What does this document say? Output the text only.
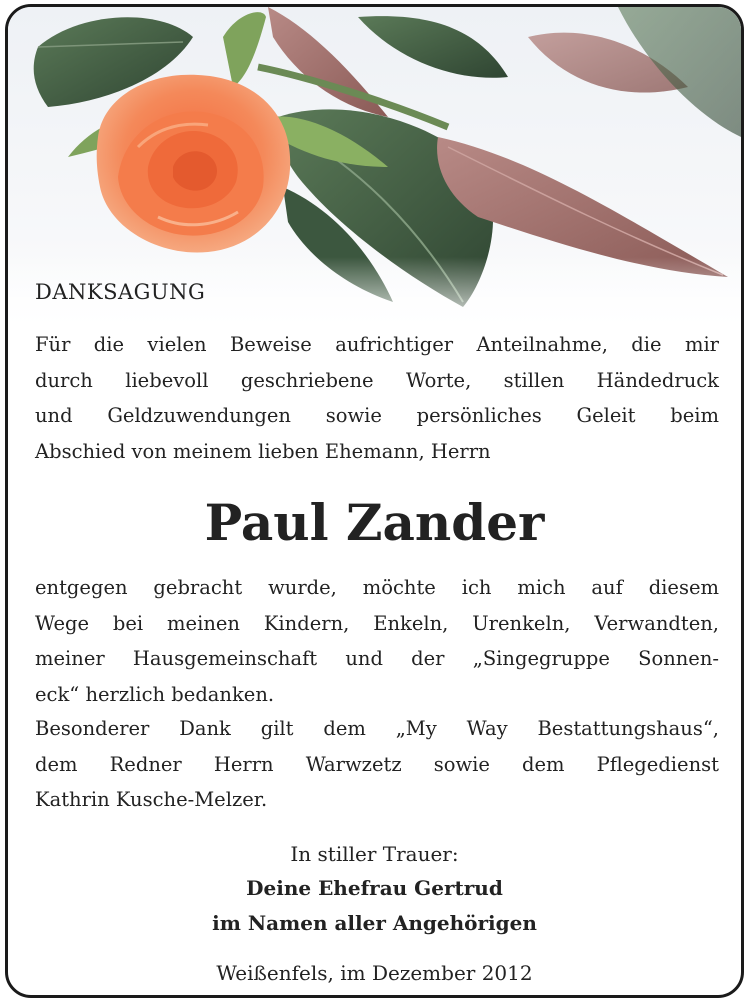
DANKSAGUNG
Für die vielen Beweise aufrichtiger Anteilnahme, die mir
durch liebevoll geschriebene Worte, stillen Händedruck
und Geldzuwendungen sowie persönliches Geleit beim
Abschied von meinem lieben Ehemann, Herrn
Paul Zander
entgegen gebracht wurde, möchte ich mich auf diesem
Wege bei meinen Kindern, Enkeln, Urenkeln, Verwandten,
meiner Hausgemeinschaft und der „Singegruppe Sonnen-
eck“ herzlich bedanken.
Besonderer Dank gilt dem „My Way Bestattungshaus“,
dem Redner Herrn Warwzetz sowie dem Pflegedienst
Kathrin Kusche-Melzer.
In stiller Trauer:
Deine Ehefrau Gertrud
im Namen aller Angehörigen
Weißenfels, im Dezember 2012
